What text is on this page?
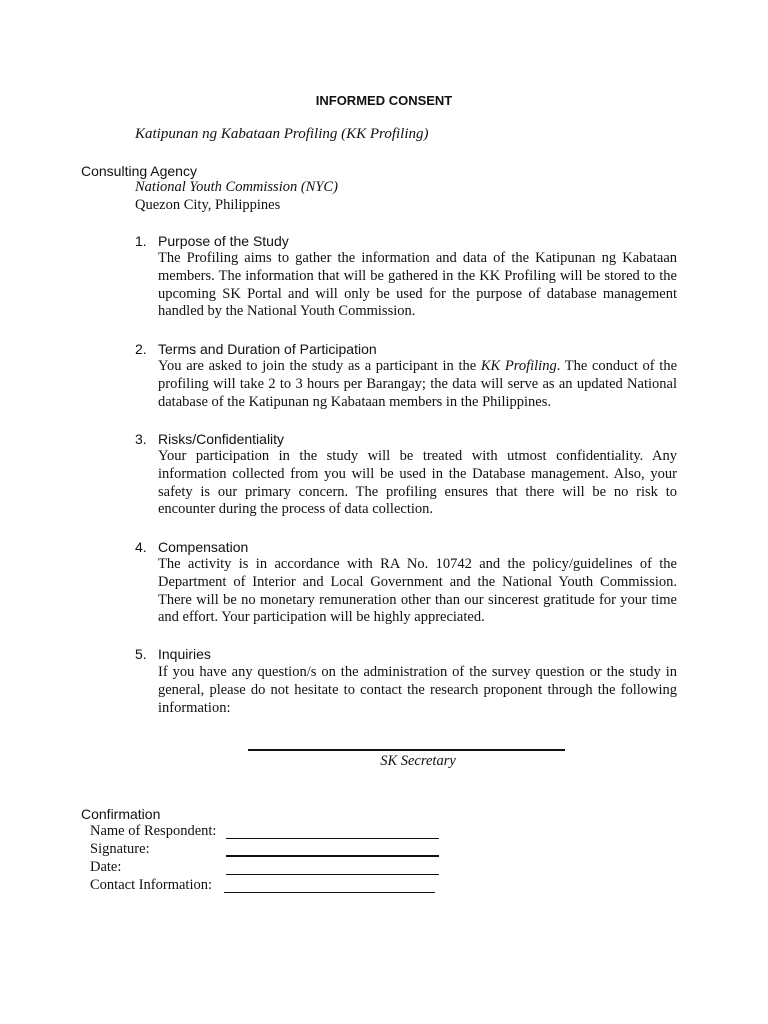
INFORMED CONSENT
Katipunan ng Kabataan Profiling (KK Profiling)
Consulting Agency
National Youth Commission (NYC)
Quezon City, Philippines
1. Purpose of the Study
The Profiling aims to gather the information and data of the Katipunan ng Kabataan members. The information that will be gathered in the KK Profiling will be stored to the upcoming SK Portal and will only be used for the purpose of database management handled by the National Youth Commission.
2. Terms and Duration of Participation
You are asked to join the study as a participant in the KK Profiling. The conduct of the profiling will take 2 to 3 hours per Barangay; the data will serve as an updated National database of the Katipunan ng Kabataan members in the Philippines.
3. Risks/Confidentiality
Your participation in the study will be treated with utmost confidentiality. Any information collected from you will be used in the Database management. Also, your safety is our primary concern. The profiling ensures that there will be no risk to encounter during the process of data collection.
4. Compensation
The activity is in accordance with RA No. 10742 and the policy/guidelines of the Department of Interior and Local Government and the National Youth Commission. There will be no monetary remuneration other than our sincerest gratitude for your time and effort. Your participation will be highly appreciated.
5. Inquiries
If you have any question/s on the administration of the survey question or the study in general, please do not hesitate to contact the research proponent through the following information:
SK Secretary
Confirmation
Name of Respondent:
Signature:
Date:
Contact Information:
